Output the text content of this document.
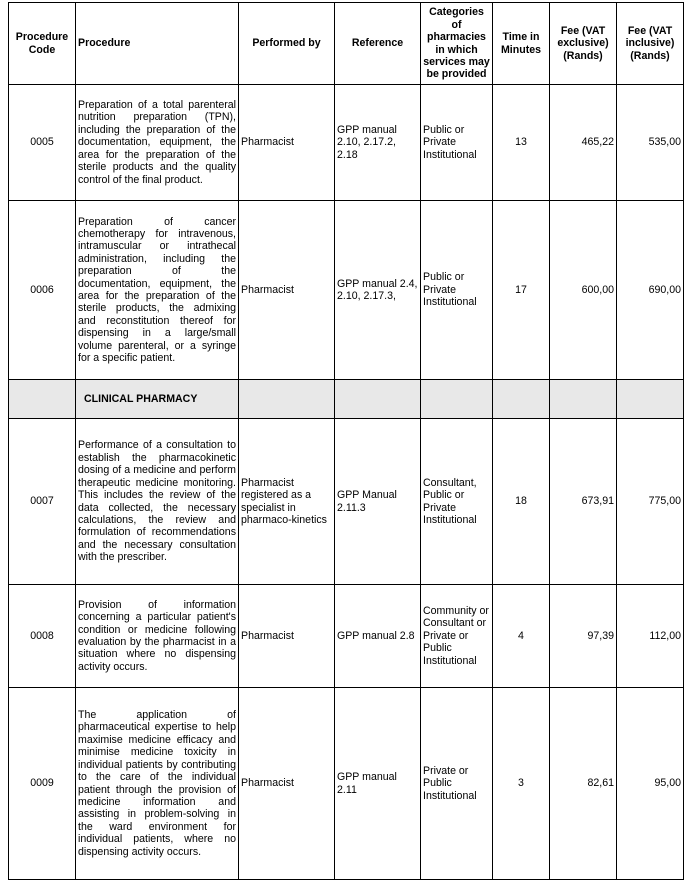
Procedure Code	Procedure	Performed by	Reference	Categories of pharmacies in which services may be provided	Time in Minutes	Fee (VAT exclusive) (Rands)	Fee (VAT inclusive) (Rands)
0005	Preparation of a total parenteral nutrition preparation (TPN), including the preparation of the documentation, equipment, the area for the preparation of the sterile products and the quality control of the final product.	Pharmacist	GPP manual 2.10, 2.17.2, 2.18	Public or Private Institutional	13	465,22	535,00
0006	Preparation of cancer chemotherapy for intravenous, intramuscular or intrathecal administration, including the preparation of the documentation, equipment, the area for the preparation of the sterile products, the admixing and reconstitution thereof for dispensing in a large/small volume parenteral, or a syringe for a specific patient.	Pharmacist	GPP manual 2.4, 2.10, 2.17.3,	Public or Private Institutional	17	600,00	690,00
	CLINICAL PHARMACY						
0007	Performance of a consultation to establish the pharmacokinetic dosing of a medicine and perform therapeutic medicine monitoring. This includes the review of the data collected, the necessary calculations, the review and formulation of recommendations and the necessary consultation with the prescriber.	Pharmacist registered as a specialist in pharmaco-kinetics	GPP Manual 2.11.3	Consultant, Public or Private Institutional	18	673,91	775,00
0008	Provision of information concerning a particular patient's condition or medicine following evaluation by the pharmacist in a situation where no dispensing activity occurs.	Pharmacist	GPP manual 2.8	Community or Consultant or Private or Public Institutional	4	97,39	112,00
0009	The application of pharmaceutical expertise to help maximise medicine efficacy and minimise medicine toxicity in individual patients by contributing to the care of the individual patient through the provision of medicine information and assisting in problem-solving in the ward environment for individual patients, where no dispensing activity occurs.	Pharmacist	GPP manual 2.11	Private or Public Institutional	3	82,61	95,00
